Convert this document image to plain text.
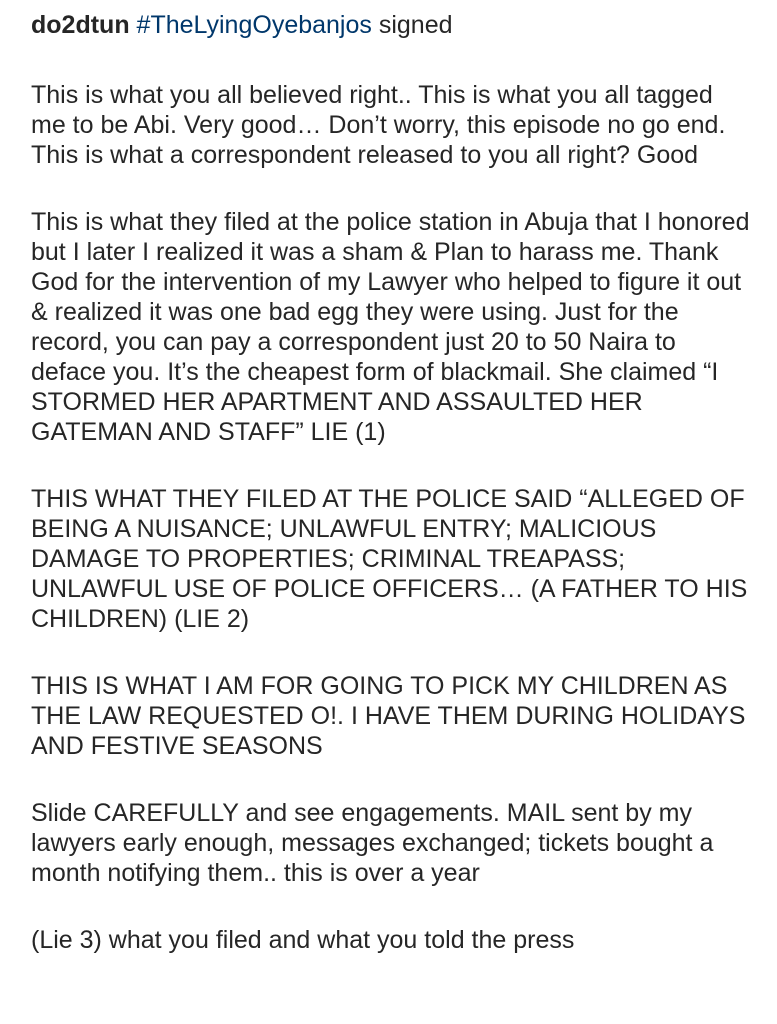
do2dtun #TheLyingOyebanjos signed

This is what you all believed right.. This is what you all tagged me to be Abi. Very good… Don’t worry, this episode no go end. This is what a correspondent released to you all right? Good

This is what they filed at the police station in Abuja that I honored but I later I realized it was a sham & Plan to harass me. Thank God for the intervention of my Lawyer who helped to figure it out & realized it was one bad egg they were using. Just for the record, you can pay a correspondent just 20 to 50 Naira to deface you. It’s the cheapest form of blackmail. She claimed “I STORMED HER APARTMENT AND ASSAULTED HER GATEMAN AND STAFF” LIE (1)

THIS WHAT THEY FILED AT THE POLICE SAID “ALLEGED OF BEING A NUISANCE; UNLAWFUL ENTRY; MALICIOUS DAMAGE TO PROPERTIES; CRIMINAL TREAPASS; UNLAWFUL USE OF POLICE OFFICERS… (A FATHER TO HIS CHILDREN) (LIE 2)

THIS IS WHAT I AM FOR GOING TO PICK MY CHILDREN AS THE LAW REQUESTED O!. I HAVE THEM DURING HOLIDAYS AND FESTIVE SEASONS

Slide CAREFULLY and see engagements. MAIL sent by my lawyers early enough, messages exchanged; tickets bought a month notifying them.. this is over a year

(Lie 3) what you filed and what you told the press
